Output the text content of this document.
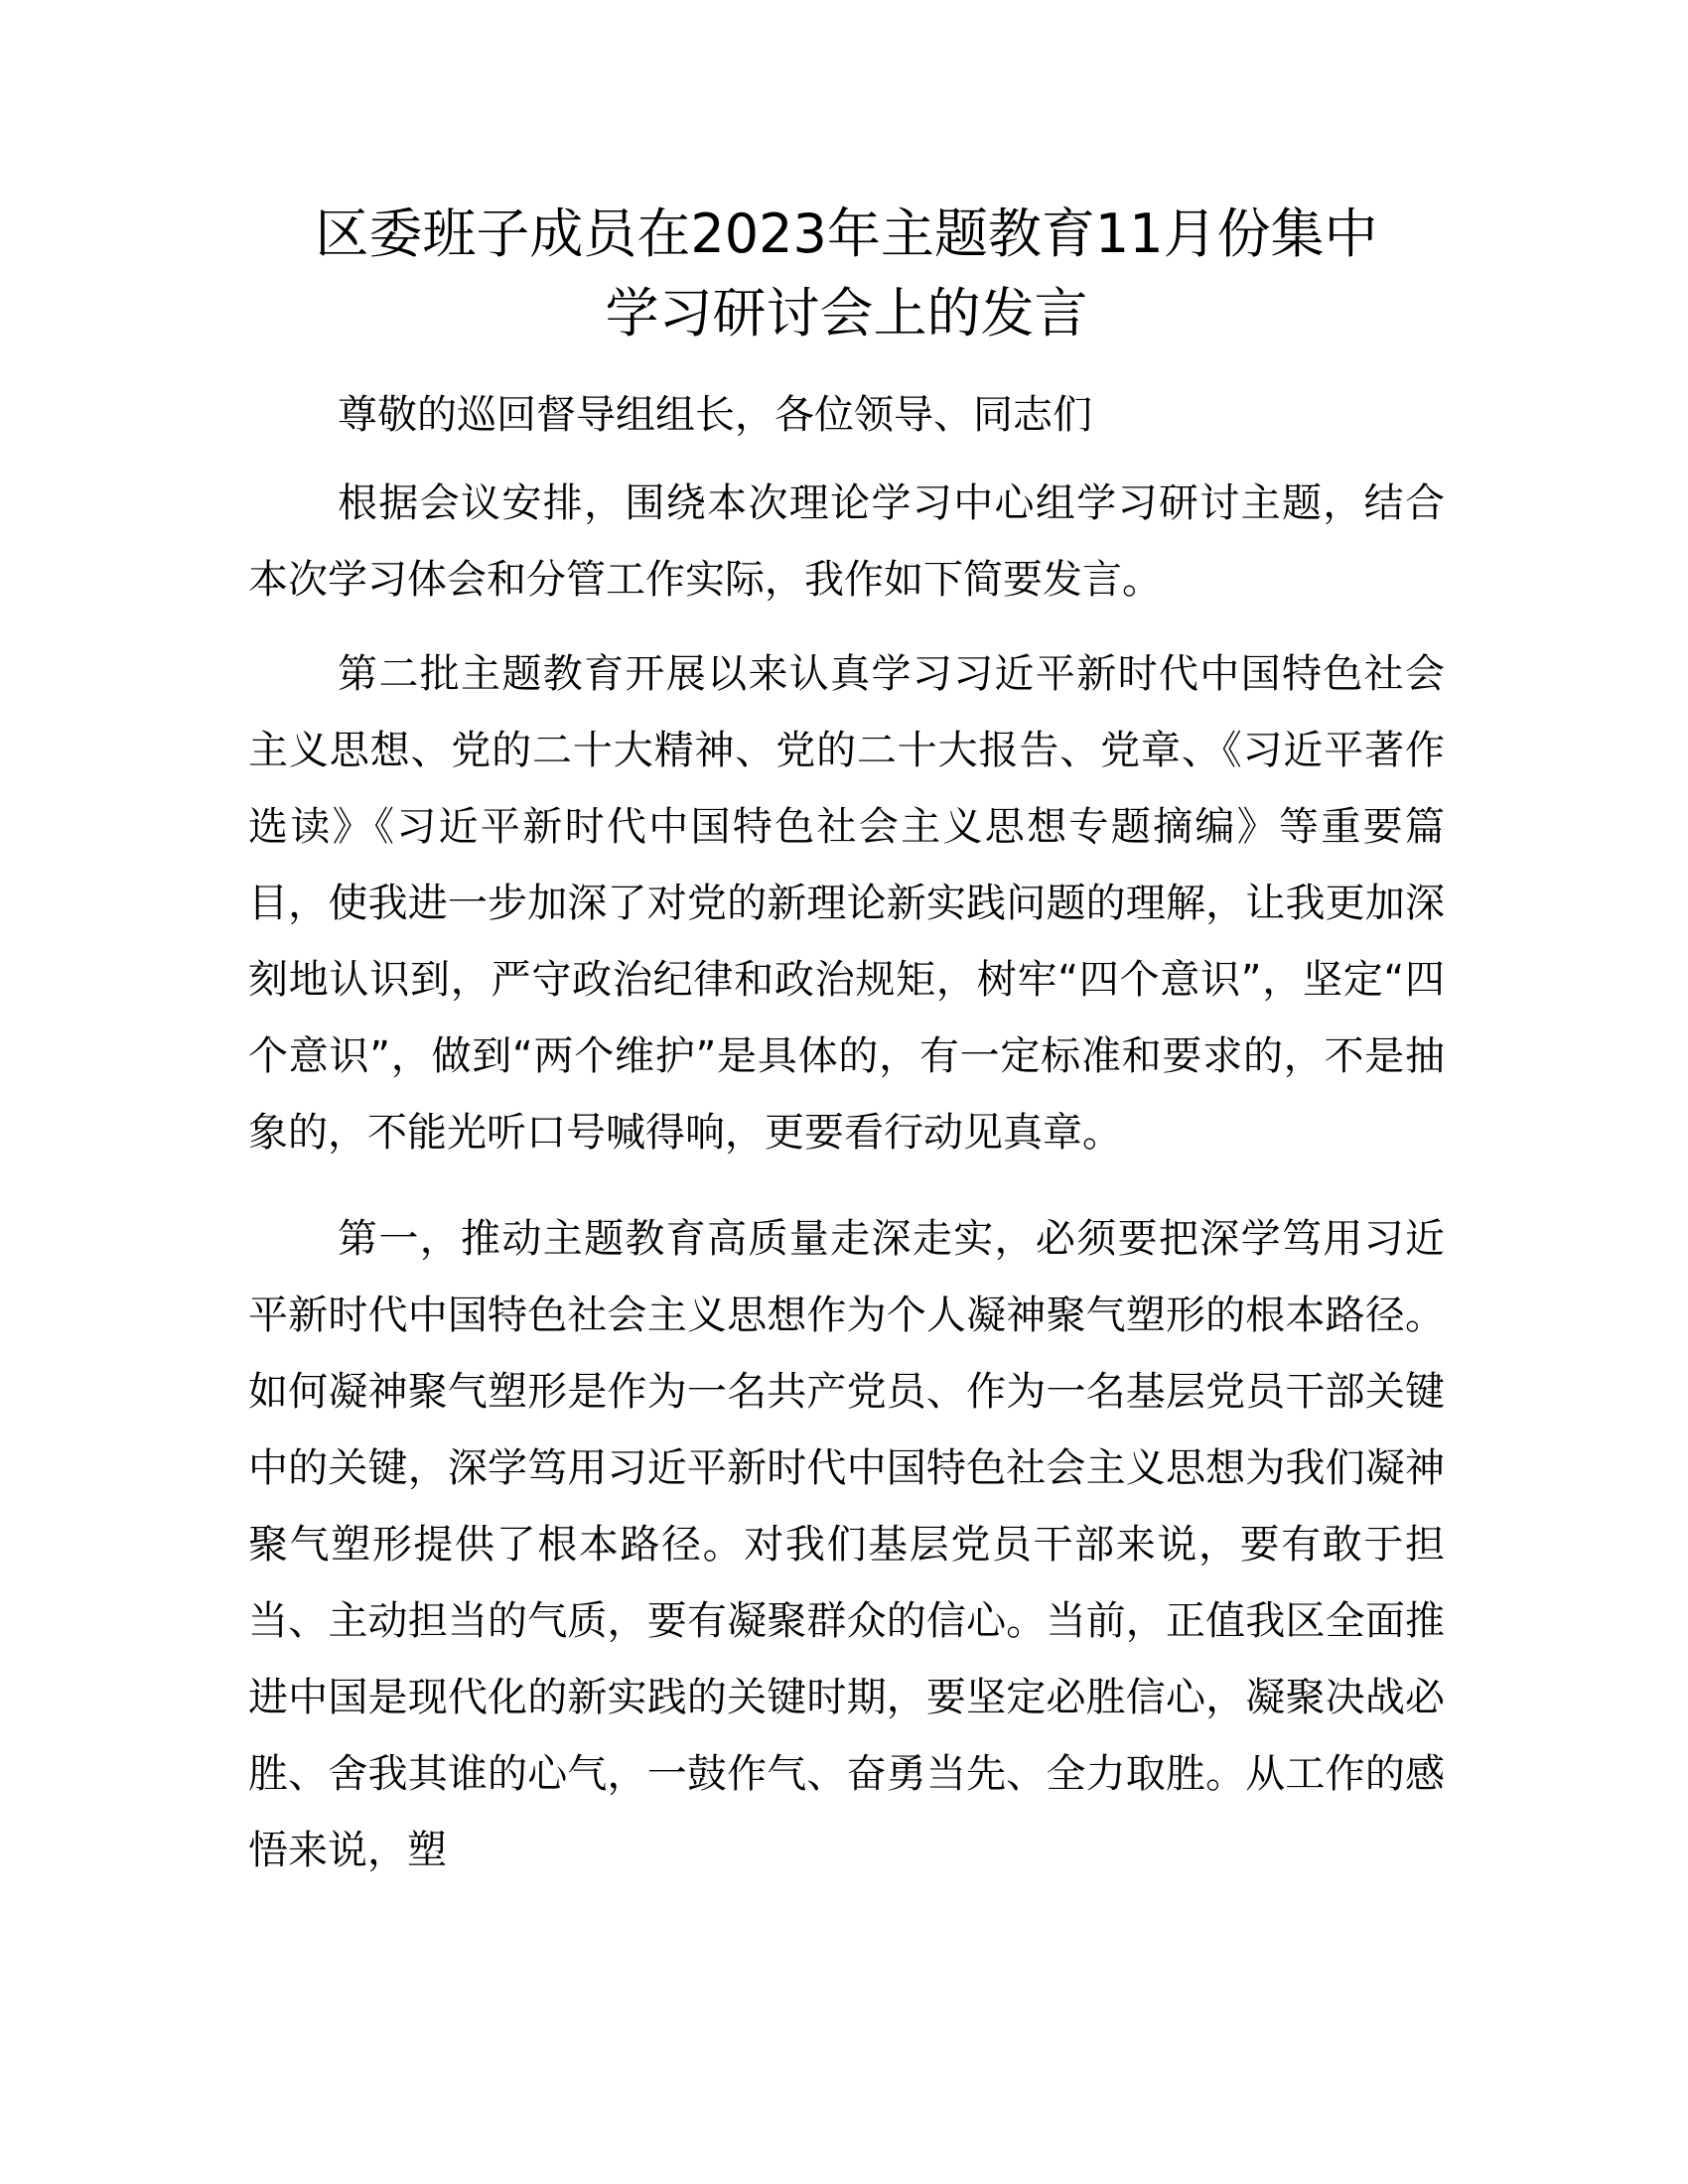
区委班子成员在2023年主题教育11月份集中
学习研讨会上的发言

尊敬的巡回督导组组长，各位领导、同志们

根据会议安排，围绕本次理论学习中心组学习研讨主题，结合本次学习体会和分管工作实际，我作如下简要发言。

第二批主题教育开展以来认真学习习近平新时代中国特色社会主义思想、党的二十大精神、党的二十大报告、党章、《习近平著作选读》《习近平新时代中国特色社会主义思想专题摘编》等重要篇目，使我进一步加深了对党的新理论新实践问题的理解，让我更加深刻地认识到，严守政治纪律和政治规矩，树牢“四个意识”，坚定“四个意识”，做到“两个维护”是具体的，有一定标准和要求的，不是抽象的，不能光听口号喊得响，更要看行动见真章。

第一，推动主题教育高质量走深走实，必须要把深学笃用习近平新时代中国特色社会主义思想作为个人凝神聚气塑形的根本路径。如何凝神聚气塑形是作为一名共产党员、作为一名基层党员干部关键中的关键，深学笃用习近平新时代中国特色社会主义思想为我们凝神聚气塑形提供了根本路径。对我们基层党员干部来说，要有敢于担当、主动担当的气质，要有凝聚群众的信心。当前，正值我区全面推进中国是现代化的新实践的关键时期，要坚定必胜信心，凝聚决战必胜、舍我其谁的心气，一鼓作气、奋勇当先、全力取胜。从工作的感悟来说，塑
